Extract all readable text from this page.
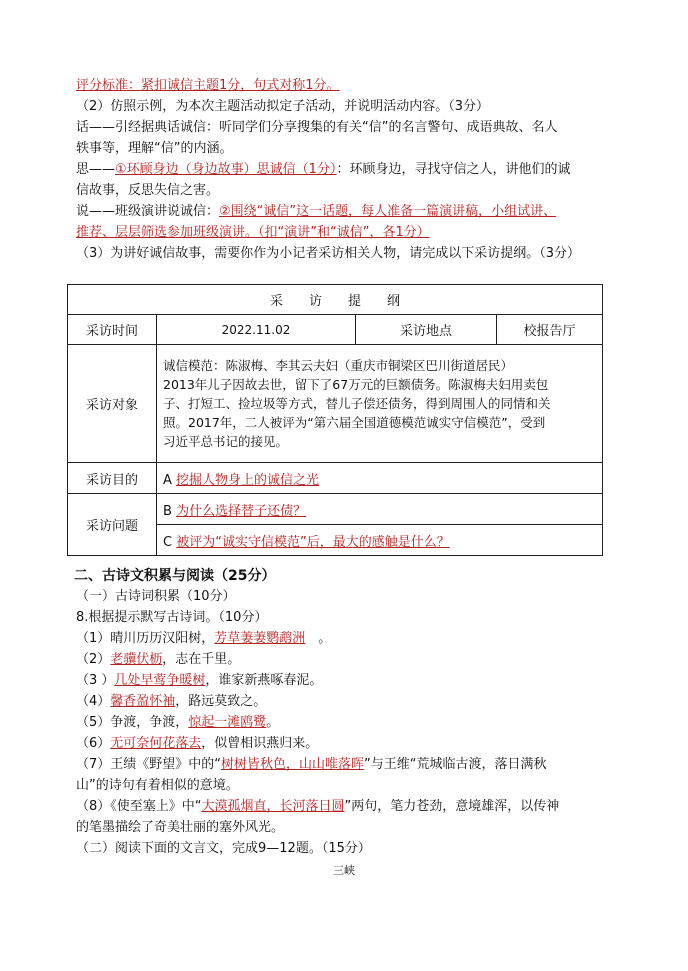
评分标准：紧扣诚信主题1分，句式对称1分。
（2）仿照示例，为本次主题活动拟定子活动，并说明活动内容。（3分）
话——引经据典话诚信：听同学们分享搜集的有关“信”的名言警句、成语典故、名人
轶事等，理解“信”的内涵。
思——①环顾身边（身边故事）思诚信（1分）：环顾身边，寻找守信之人，讲他们的诚
信故事，反思失信之害。
说——班级演讲说诚信：②围绕“诚信”这一话题，每人准备一篇演讲稿，小组试讲、
推荐、层层筛选参加班级演讲。（扣“演讲”和“诚信”，各1分）
（3）为讲好诚信故事，需要你作为小记者采访相关人物，请完成以下采访提纲。（3分）
采　　访　　提　　纲			
采访时间	2022.11.02	采访地点	校报告厅
采访对象	诚信模范：陈淑梅、李其云夫妇（重庆市铜梁区巴川街道居民）
2013年儿子因故去世，留下了67万元的巨额债务。陈淑梅夫妇用卖包
子、打短工、捡垃圾等方式，替儿子偿还债务，得到周围人的同情和关
照。2017年，二人被评为“第六届全国道德模范诚实守信模范”，受到
习近平总书记的接见。		

采访目的	A 挖掘人物身上的诚信之光		
采访问题	B 为什么选择替子还债？		
	C 被评为“诚实守信模范”后，最大的感触是什么？		
二、古诗文积累与阅读（25分）
（一）古诗词积累（10分）
8.根据提示默写古诗词。（10分）
（1）晴川历历汉阳树，芳草萋萋鹦鹉洲　。
（2）老骥伏枥，志在千里。
（3 ）几处早莺争暖树，谁家新燕啄春泥。
（4）馨香盈怀袖，路远莫致之。
（5）争渡，争渡，惊起一滩鸥鹭。
（6）无可奈何花落去，似曾相识燕归来。
（7）王绩《野望》中的“树树皆秋色，山山唯落晖”与王维“荒城临古渡，落日满秋
山”的诗句有着相似的意境。
（8）《使至塞上》中“大漠孤烟直，长河落日圆”两句，笔力苍劲，意境雄浑，以传神
的笔墨描绘了奇美壮丽的塞外风光。
（二）阅读下面的文言文，完成9—12题。（15分）
三峡
